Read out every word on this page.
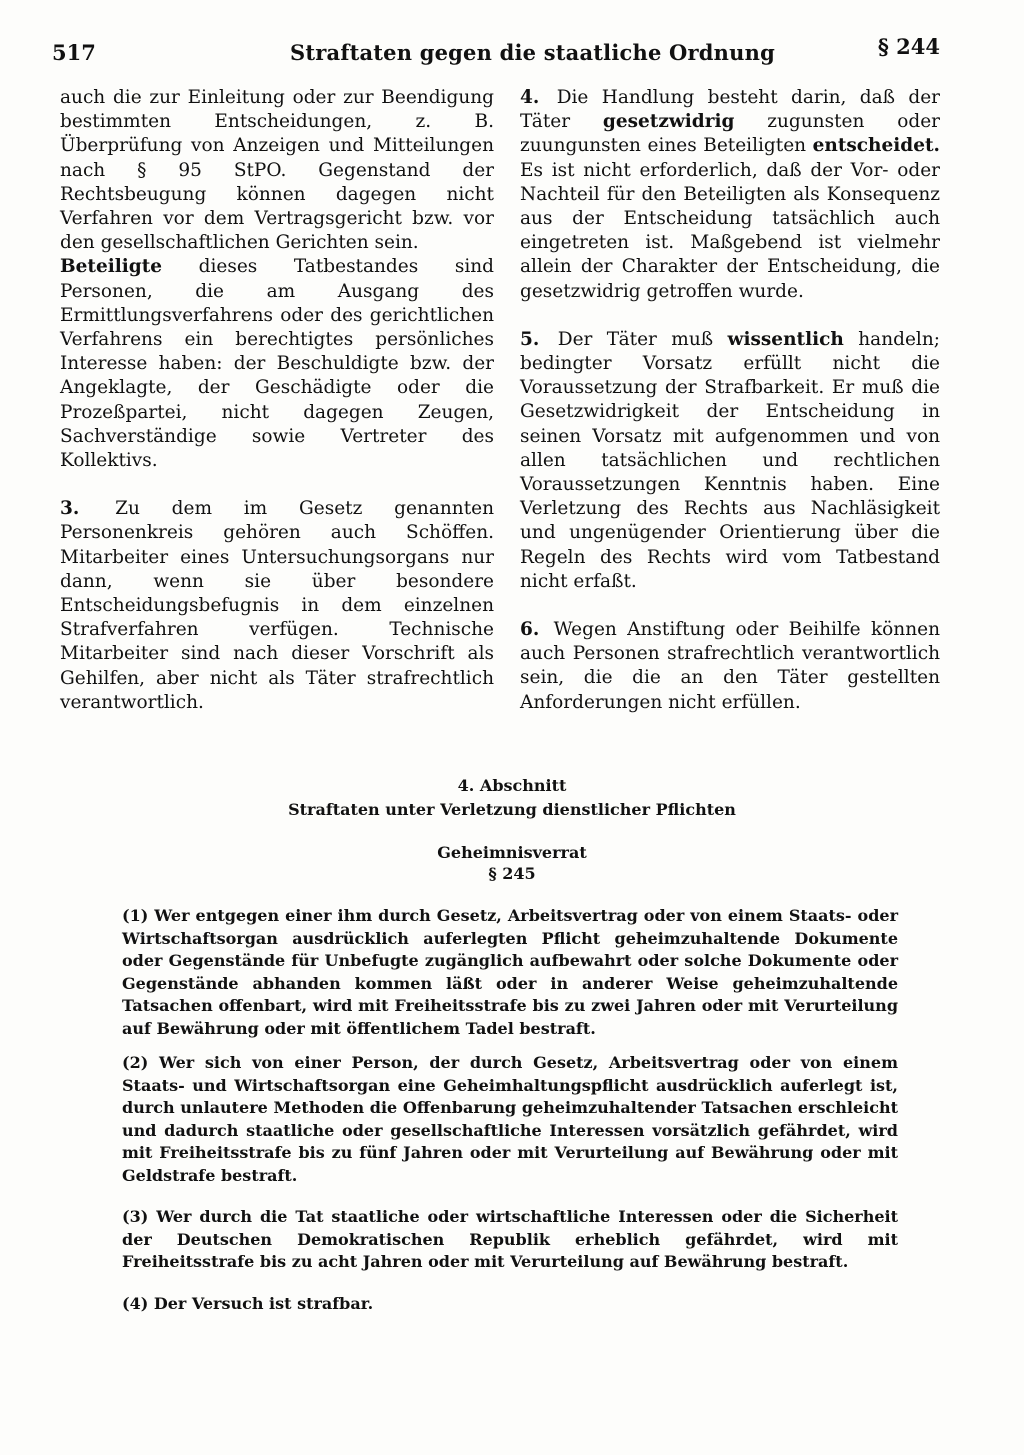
517	Straftaten gegen die staatliche Ordnung	§ 244

auch die zur Einleitung oder zur Beendigung bestimmten Entscheidungen, z. B. Überprüfung von Anzeigen und Mitteilungen nach § 95 StPO. Gegenstand der Rechtsbeugung können dagegen nicht Verfahren vor dem Vertragsgericht bzw. vor den gesellschaftlichen Gerichten sein.

Beteiligte dieses Tatbestandes sind Personen, die am Ausgang des Ermittlungsverfahrens oder des gerichtlichen Verfahrens ein berechtigtes persönliches Interesse haben: der Beschuldigte bzw. der Angeklagte, der Geschädigte oder die Prozeßpartei, nicht dagegen Zeugen, Sachverständige sowie Vertreter des Kollektivs.

3. Zu dem im Gesetz genannten Personenkreis gehören auch Schöffen. Mitarbeiter eines Untersuchungsorgans nur dann, wenn sie über besondere Entscheidungsbefugnis in dem einzelnen Strafverfahren verfügen. Technische Mitarbeiter sind nach dieser Vorschrift als Gehilfen, aber nicht als Täter strafrechtlich verantwortlich.

4. Die Handlung besteht darin, daß der Täter gesetzwidrig zugunsten oder zuungunsten eines Beteiligten entscheidet. Es ist nicht erforderlich, daß der Vor- oder Nachteil für den Beteiligten als Konsequenz aus der Entscheidung tatsächlich auch eingetreten ist. Maßgebend ist vielmehr allein der Charakter der Entscheidung, die gesetzwidrig getroffen wurde.

5. Der Täter muß wissentlich handeln; bedingter Vorsatz erfüllt nicht die Voraussetzung der Strafbarkeit. Er muß die Gesetzwidrigkeit der Entscheidung in seinen Vorsatz mit aufgenommen und von allen tatsächlichen und rechtlichen Voraussetzungen Kenntnis haben. Eine Verletzung des Rechts aus Nachläsigkeit und ungenügender Orientierung über die Regeln des Rechts wird vom Tatbestand nicht erfaßt.

6. Wegen Anstiftung oder Beihilfe können auch Personen strafrechtlich verantwortlich sein, die die an den Täter gestellten Anforderungen nicht erfüllen.

4. Abschnitt
Straftaten unter Verletzung dienstlicher Pflichten
Geheimnisverrat
§ 245

(1) Wer entgegen einer ihm durch Gesetz, Arbeitsvertrag oder von einem Staats- oder Wirtschaftsorgan ausdrücklich auferlegten Pflicht geheimzuhaltende Dokumente oder Gegenstände für Unbefugte zugänglich aufbewahrt oder solche Dokumente oder Gegenstände abhanden kommen läßt oder in anderer Weise geheimzuhaltende Tatsachen offenbart, wird mit Freiheitsstrafe bis zu zwei Jahren oder mit Verurteilung auf Bewährung oder mit öffentlichem Tadel bestraft.

(2) Wer sich von einer Person, der durch Gesetz, Arbeitsvertrag oder von einem Staats- und Wirtschaftsorgan eine Geheimhaltungspflicht ausdrücklich auferlegt ist, durch unlautere Methoden die Offenbarung geheimzuhaltender Tatsachen erschleicht und dadurch staatliche oder gesellschaftliche Interessen vorsätzlich gefährdet, wird mit Freiheitsstrafe bis zu fünf Jahren oder mit Verurteilung auf Bewährung oder mit Geldstrafe bestraft.

(3) Wer durch die Tat staatliche oder wirtschaftliche Interessen oder die Sicherheit der Deutschen Demokratischen Republik erheblich gefährdet, wird mit Freiheitsstrafe bis zu acht Jahren oder mit Verurteilung auf Bewährung bestraft.

(4) Der Versuch ist strafbar.
